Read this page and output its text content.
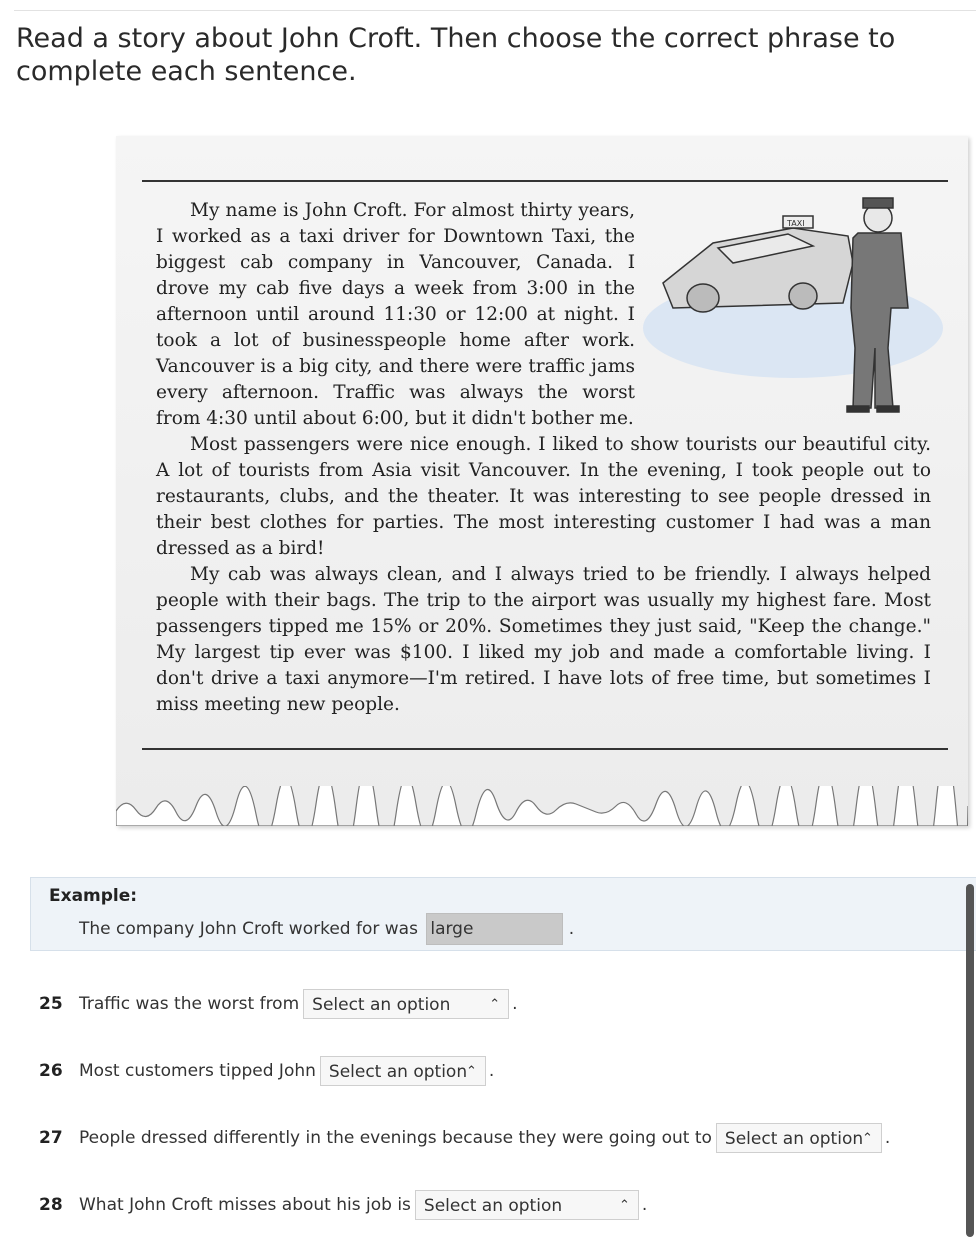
Read a story about John Croft. Then choose the correct phrase to complete each sentence.
TAXI

My name is John Croft. For almost thirty years, I worked as a taxi driver for Downtown Taxi, the biggest cab company in Vancouver, Canada. I drove my cab five days a week from 3:00 in the afternoon until around 11:30 or 12:00 at night. I took a lot of businesspeople home after work. Vancouver is a big city, and there were traffic jams every afternoon. Traffic was always the worst from 4:30 until about 6:00, but it didn't bother me.

Most passengers were nice enough. I liked to show tourists our beautiful city. A lot of tourists from Asia visit Vancouver. In the evening, I took people out to restaurants, clubs, and the theater. It was interesting to see people dressed in their best clothes for parties. The most interesting customer I had was a man dressed as a bird!

My cab was always clean, and I always tried to be friendly. I always helped people with their bags. The trip to the airport was usually my highest fare. Most passengers tipped me 15% or 20%. Sometimes they just said, "Keep the change." My largest tip ever was $100. I liked my job and made a comfortable living. I don't drive a taxi anymore—I'm retired. I have lots of free time, but sometimes I miss meeting new people.

Example:
The company John Croft worked for was large	.
25 Traffic was the worst from Select an option	⌃ .
26 Most customers tipped John Select an option
⌃ .
27 People dressed differently in the evenings because they were going out to Select an option
⌃ .
28 What John Croft misses about his job is Select an option	⌃ .
